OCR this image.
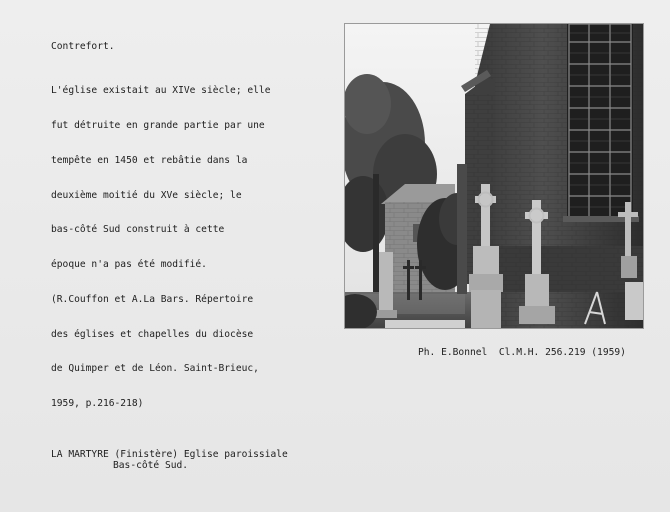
Contrefort.

L'église existait au XIVe siècle; elle

fut détruite en grande partie par une

tempête en 1450 et rebâtie dans la

deuxième moitié du XVe siècle; le

bas-côté Sud construit à cette

époque n'a pas été modifié.

(R.Couffon et A.La Bars. Répertoire

des églises et chapelles du diocèse

de Quimper et de Léon. Saint-Brieuc,

1959, p.216-218)

Ph. E.Bonnel  Cl.M.H. 256.219 (1959)
LA MARTYRE (Finistère) Eglise paroissiale
Bas-côté Sud.
